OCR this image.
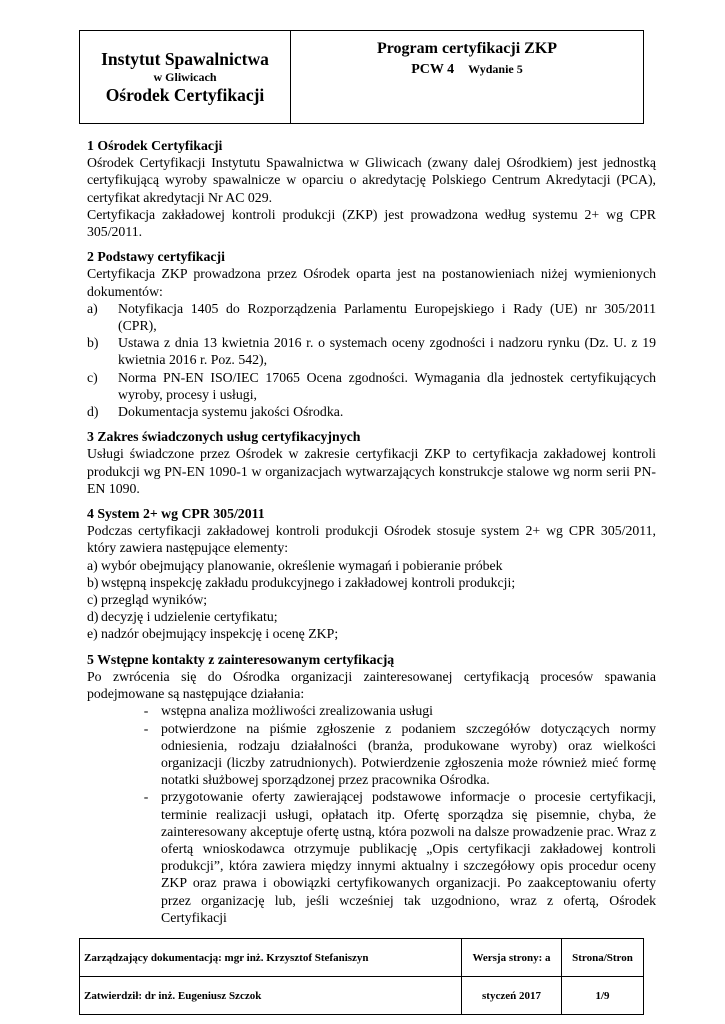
Instytut Spawalnictwa
w Gliwicach
Ośrodek Certyfikacji
Program certyfikacji ZKP
PCW 4 Wydanie 5
1 Ośrodek Certyfikacji

Ośrodek Certyfikacji Instytutu Spawalnictwa w Gliwicach (zwany dalej Ośrodkiem) jest jednostką certyfikującą wyroby spawalnicze w oparciu o akredytację Polskiego Centrum Akredytacji (PCA), certyfikat akredytacji Nr AC 029.

Certyfikacja zakładowej kontroli produkcji (ZKP) jest prowadzona według systemu 2+ wg CPR 305/2011.

2 Podstawy certyfikacji

Certyfikacja ZKP prowadzona przez Ośrodek oparta jest na postanowieniach niżej wymienionych dokumentów:

a)	Notyfikacja 1405 do Rozporządzenia Parlamentu Europejskiego i Rady (UE) nr 305/2011 (CPR),
b)	Ustawa z dnia 13 kwietnia 2016 r. o systemach oceny zgodności i nadzoru rynku (Dz. U. z 19 kwietnia 2016 r. Poz. 542),
c)	Norma PN-EN ISO/IEC 17065 Ocena zgodności. Wymagania dla jednostek certyfikujących wyroby, procesy i usługi,
d)	Dokumentacja systemu jakości Ośrodka.
3 Zakres świadczonych usług certyfikacyjnych

Usługi świadczone przez Ośrodek w zakresie certyfikacji ZKP to certyfikacja zakładowej kontroli produkcji wg PN-EN 1090-1 w organizacjach wytwarzających konstrukcje stalowe wg norm serii PN-EN 1090.

4 System 2+ wg CPR 305/2011

Podczas certyfikacji zakładowej kontroli produkcji Ośrodek stosuje system 2+ wg CPR 305/2011, który zawiera następujące elementy:

a) wybór obejmujący planowanie, określenie wymagań i pobieranie próbek
b) wstępną inspekcję zakładu produkcyjnego i zakładowej kontroli produkcji;
c) przegląd wyników;
d) decyzję i udzielenie certyfikatu;
e) nadzór obejmujący inspekcję i ocenę ZKP;
5 Wstępne kontakty z zainteresowanym certyfikacją

Po zwrócenia się do Ośrodka organizacji zainteresowanej certyfikacją procesów spawania podejmowane są następujące działania:

- wstępna analiza możliwości zrealizowania usługi
- potwierdzone na piśmie zgłoszenie z podaniem szczegółów dotyczących normy odniesienia, rodzaju działalności (branża, produkowane wyroby) oraz wielkości organizacji (liczby zatrudnionych). Potwierdzenie zgłoszenia może również mieć formę notatki służbowej sporządzonej przez pracownika Ośrodka.
- przygotowanie oferty zawierającej podstawowe informacje o procesie certyfikacji, terminie realizacji usługi, opłatach itp. Ofertę sporządza się pisemnie, chyba, że zainteresowany akceptuje ofertę ustną, która pozwoli na dalsze prowadzenie prac. Wraz z ofertą wnioskodawca otrzymuje publikację „Opis certyfikacji zakładowej kontroli produkcji”, która zawiera między innymi aktualny i szczegółowy opis procedur oceny ZKP oraz prawa i obowiązki certyfikowanych organizacji. Po zaakceptowaniu oferty przez organizację lub, jeśli wcześniej tak uzgodniono, wraz z ofertą, Ośrodek Certyfikacji
Zarządzający dokumentacją: mgr inż. Krzysztof Stefaniszyn	Wersja strony: a	Strona/Stron
Zatwierdził: dr inż. Eugeniusz Szczok	styczeń 2017	1/9
